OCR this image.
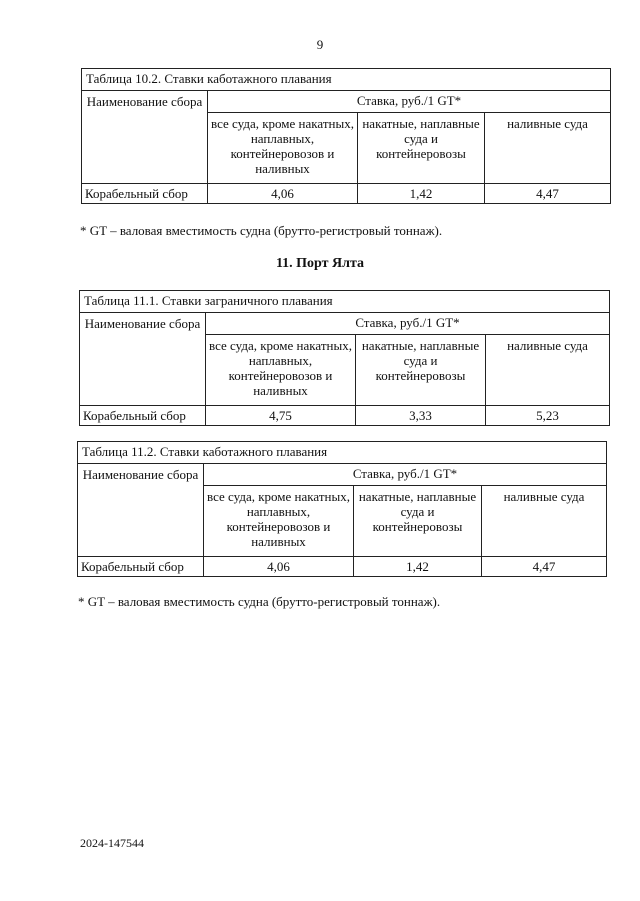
9
Таблица 10.2. Ставки каботажного плавания			
Наименование сбора	Ставка, руб./1 GT*		
	все суда, кроме накатных, наплавных, контейнеровозов и наливных	накатные, наплавные суда и контейнеровозы	наливные суда
Корабельный сбор	4,06	1,42	4,47
* GT – валовая вместимость судна (брутто-регистровый тоннаж).
11. Порт Ялта
Таблица 11.1. Ставки заграничного плавания			
Наименование сбора	Ставка, руб./1 GT*		
	все суда, кроме накатных, наплавных, контейнеровозов и наливных	накатные, наплавные суда и контейнеровозы	наливные суда
Корабельный сбор	4,75	3,33	5,23
Таблица 11.2. Ставки каботажного плавания			
Наименование сбора	Ставка, руб./1 GT*		
	все суда, кроме накатных, наплавных, контейнеровозов и наливных	накатные, наплавные суда и контейнеровозы	наливные суда
Корабельный сбор	4,06	1,42	4,47
* GT – валовая вместимость судна (брутто-регистровый тоннаж).
2024-147544
